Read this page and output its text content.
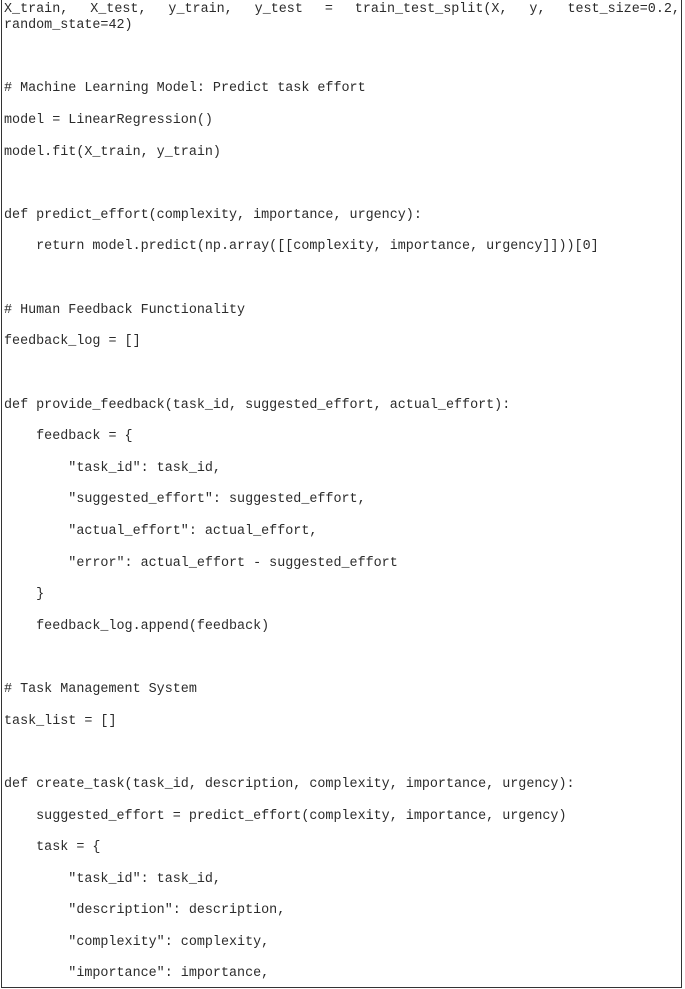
X_train, X_test, y_train, y_test = train_test_split(X, y, test_size=0.2,
random_state=42)
# Machine Learning Model: Predict task effort
model = LinearRegression()
model.fit(X_train, y_train)
def predict_effort(complexity, importance, urgency):
return model.predict(np.array([[complexity, importance, urgency]]))[0]
# Human Feedback Functionality
feedback_log = []
def provide_feedback(task_id, suggested_effort, actual_effort):
feedback = {
"task_id": task_id,
"suggested_effort": suggested_effort,
"actual_effort": actual_effort,
"error": actual_effort - suggested_effort
}
feedback_log.append(feedback)
# Task Management System
task_list = []
def create_task(task_id, description, complexity, importance, urgency):
suggested_effort = predict_effort(complexity, importance, urgency)
task = {
"task_id": task_id,
"description": description,
"complexity": complexity,
"importance": importance,
